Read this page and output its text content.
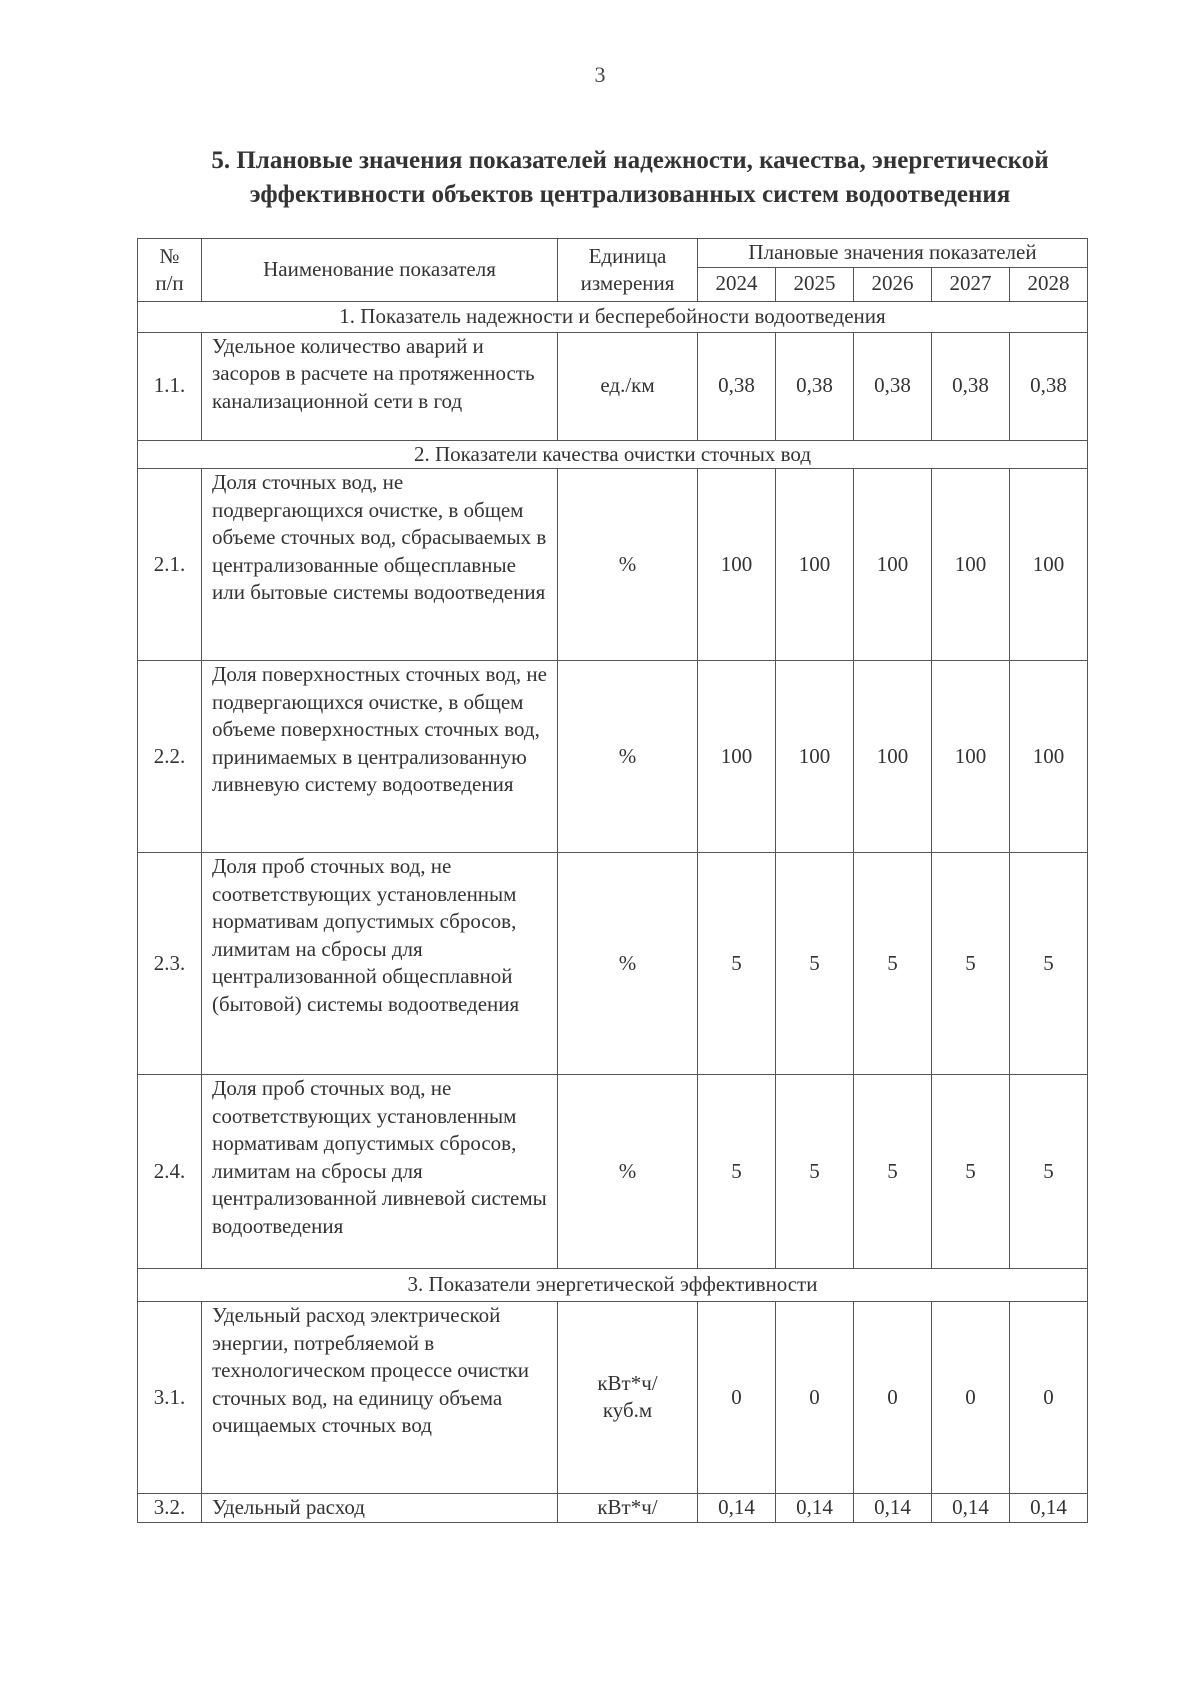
3
5. Плановые значения показателей надежности, качества, энергетической
эффективности объектов централизованных систем водоотведения
№ п/п	Наименование показателя	Единица измерения	Плановые значения показателей				
			2024	2025	2026	2027	2028
1. Показатель надежности и бесперебойности водоотведения							
1.1.	Удельное количество аварий и засоров в расчете на протяженность канализационной сети в год	ед./км	0,38	0,38	0,38	0,38	0,38
2. Показатели качества очистки сточных вод							
2.1.	Доля сточных вод, не подвергающихся очистке, в общем объеме сточных вод, сбрасываемых в централизованные общесплавные или бытовые системы водоотведения	%	100	100	100	100	100
2.2.	Доля поверхностных сточных вод, не подвергающихся очистке, в общем объеме поверхностных сточных вод, принимаемых в централизованную ливневую систему водоотведения	%	100	100	100	100	100
2.3.	Доля проб сточных вод, не соответствующих установленным нормативам допустимых сбросов, лимитам на сбросы для централизованной общесплавной (бытовой) системы водоотведения	%	5	5	5	5	5
2.4.	Доля проб сточных вод, не соответствующих установленным нормативам допустимых сбросов, лимитам на сбросы для централизованной ливневой системы водоотведения	%	5	5	5	5	5
3. Показатели энергетической эффективности							
3.1.	Удельный расход электрической энергии, потребляемой в технологическом процессе очистки сточных вод, на единицу объема очищаемых сточных вод	кВт*ч/ куб.м	0	0	0	0	0
3.2.	Удельный расход	кВт*ч/	0,14	0,14	0,14	0,14	0,14
